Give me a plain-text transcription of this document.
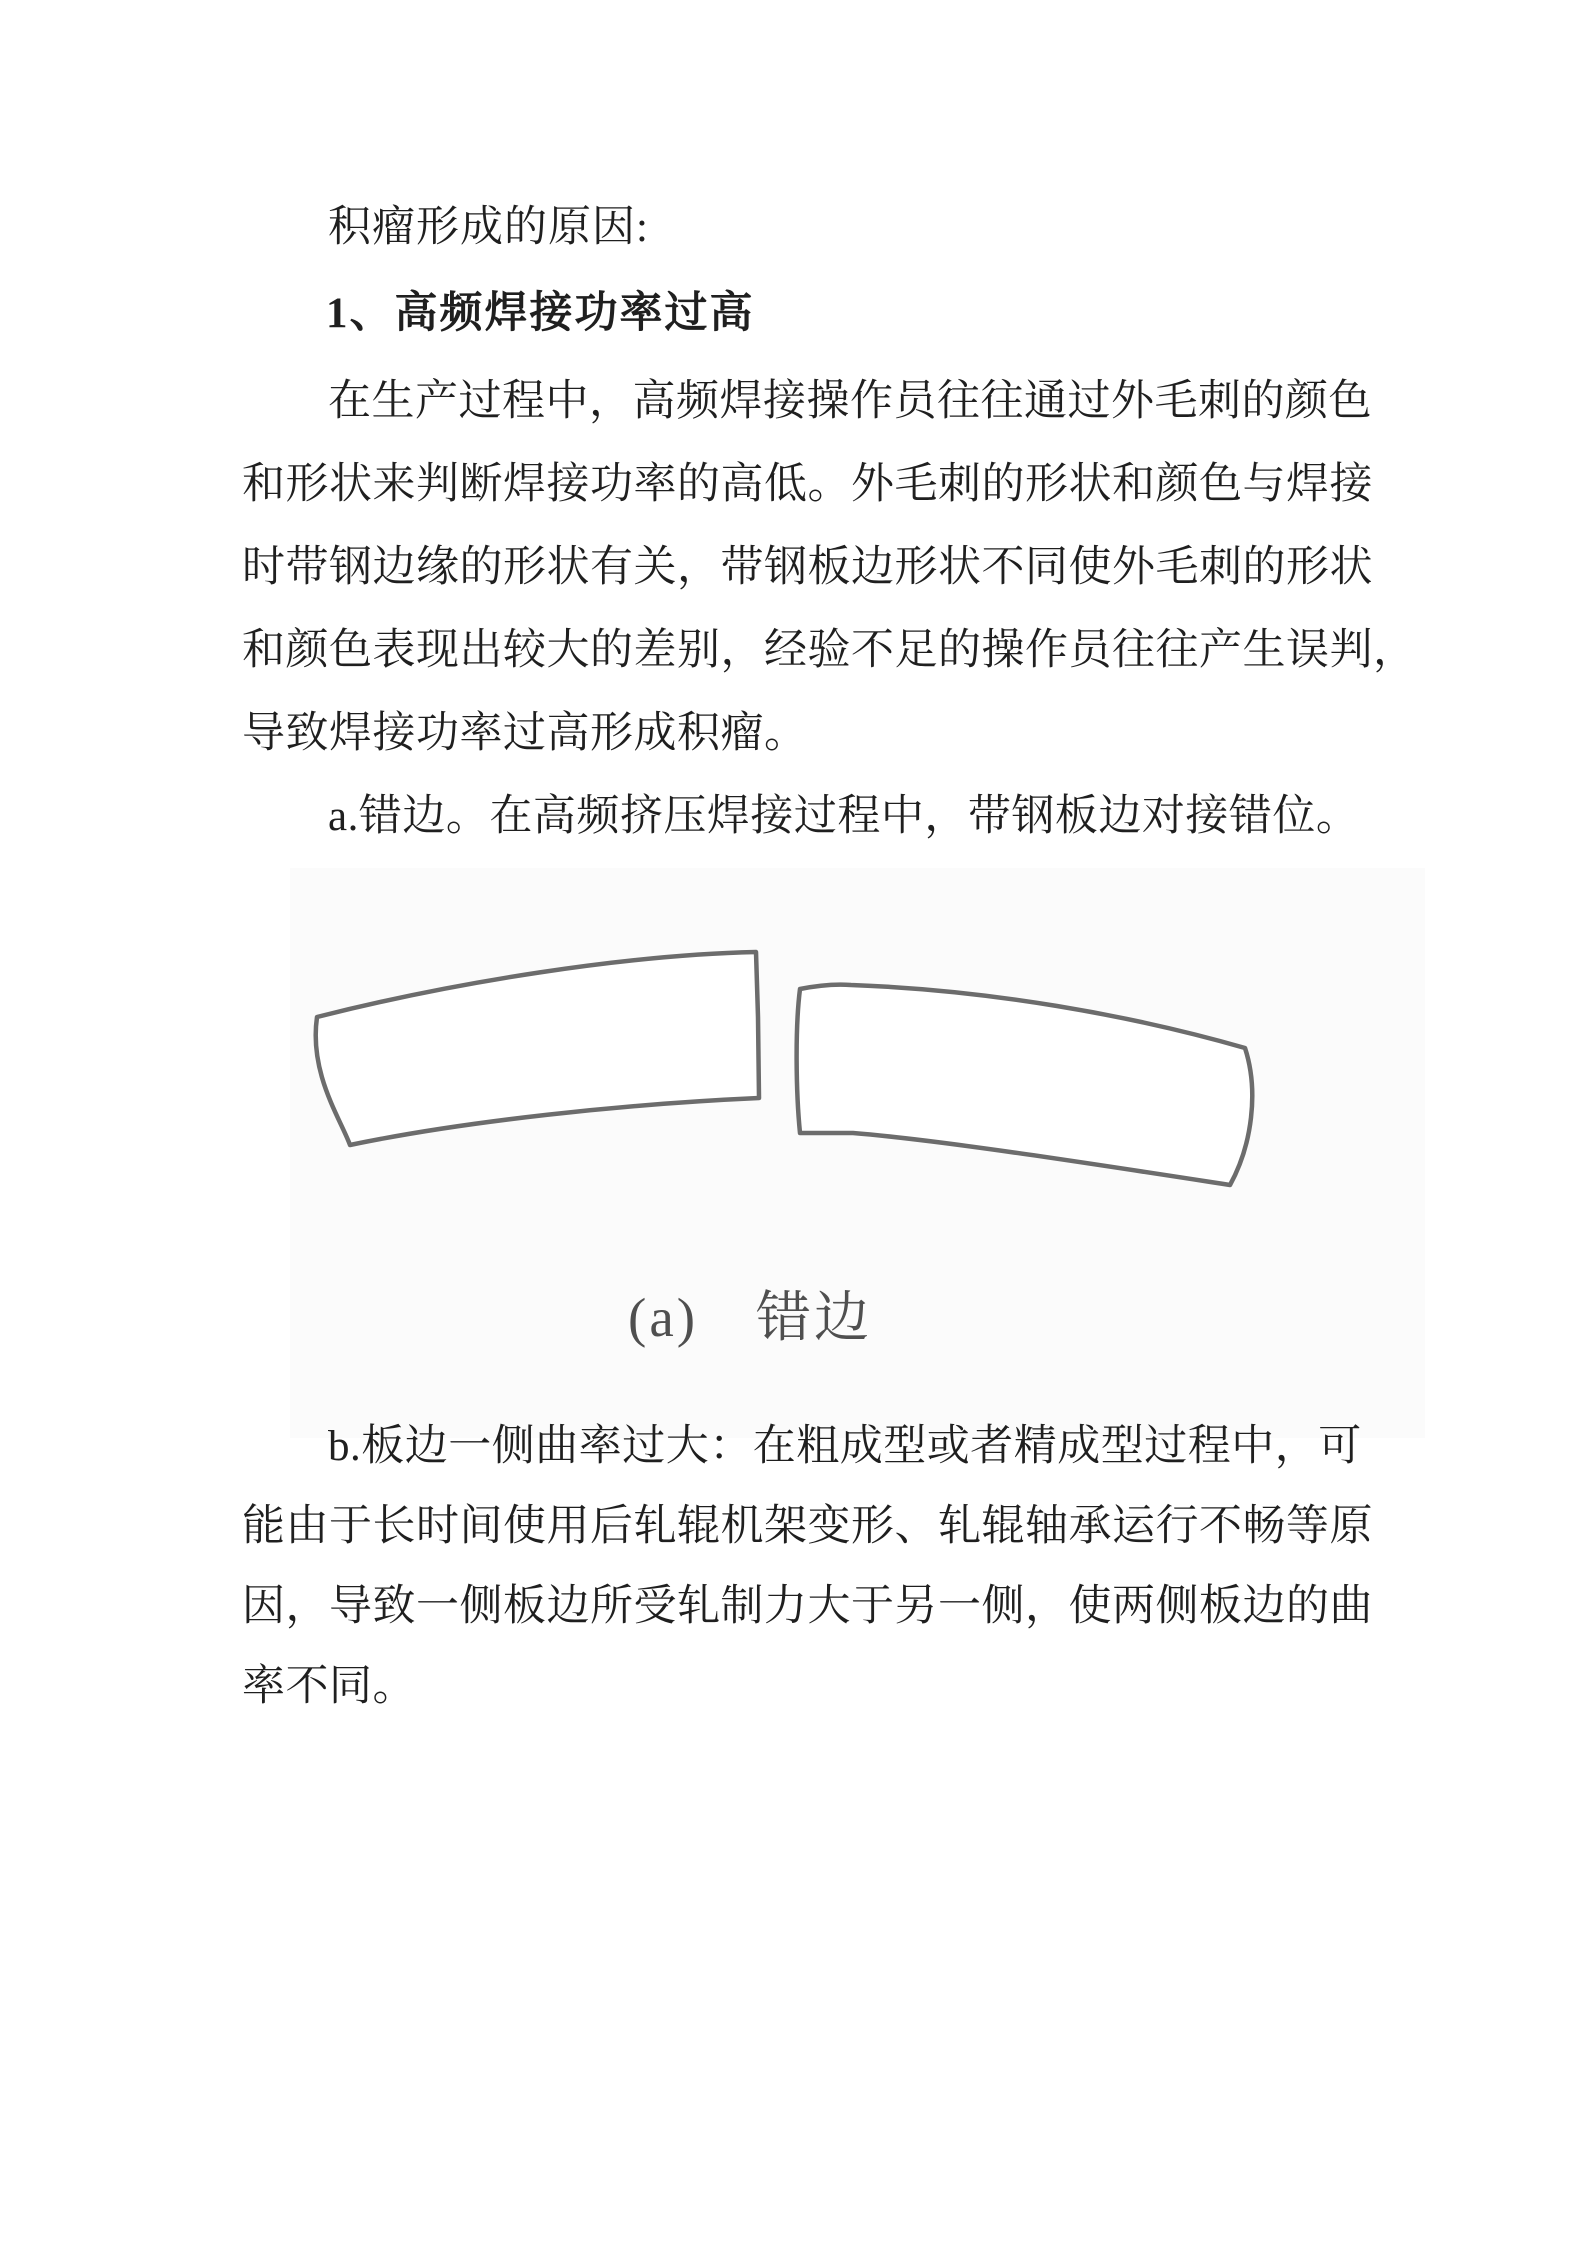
积瘤形成的原因:
1、高频焊接功率过高
在生产过程中，高频焊接操作员往往通过外毛刺的颜色
和形状来判断焊接功率的高低。外毛刺的形状和颜色与焊接
时带钢边缘的形状有关，带钢板边形状不同使外毛刺的形状
和颜色表现出较大的差别，经验不足的操作员往往产生误判，
导致焊接功率过高形成积瘤。
a.错边。在高频挤压焊接过程中，带钢板边对接错位。
(a)　错边
b.板边一侧曲率过大：在粗成型或者精成型过程中，可
能由于长时间使用后轧辊机架变形、轧辊轴承运行不畅等原
因，导致一侧板边所受轧制力大于另一侧，使两侧板边的曲
率不同。
